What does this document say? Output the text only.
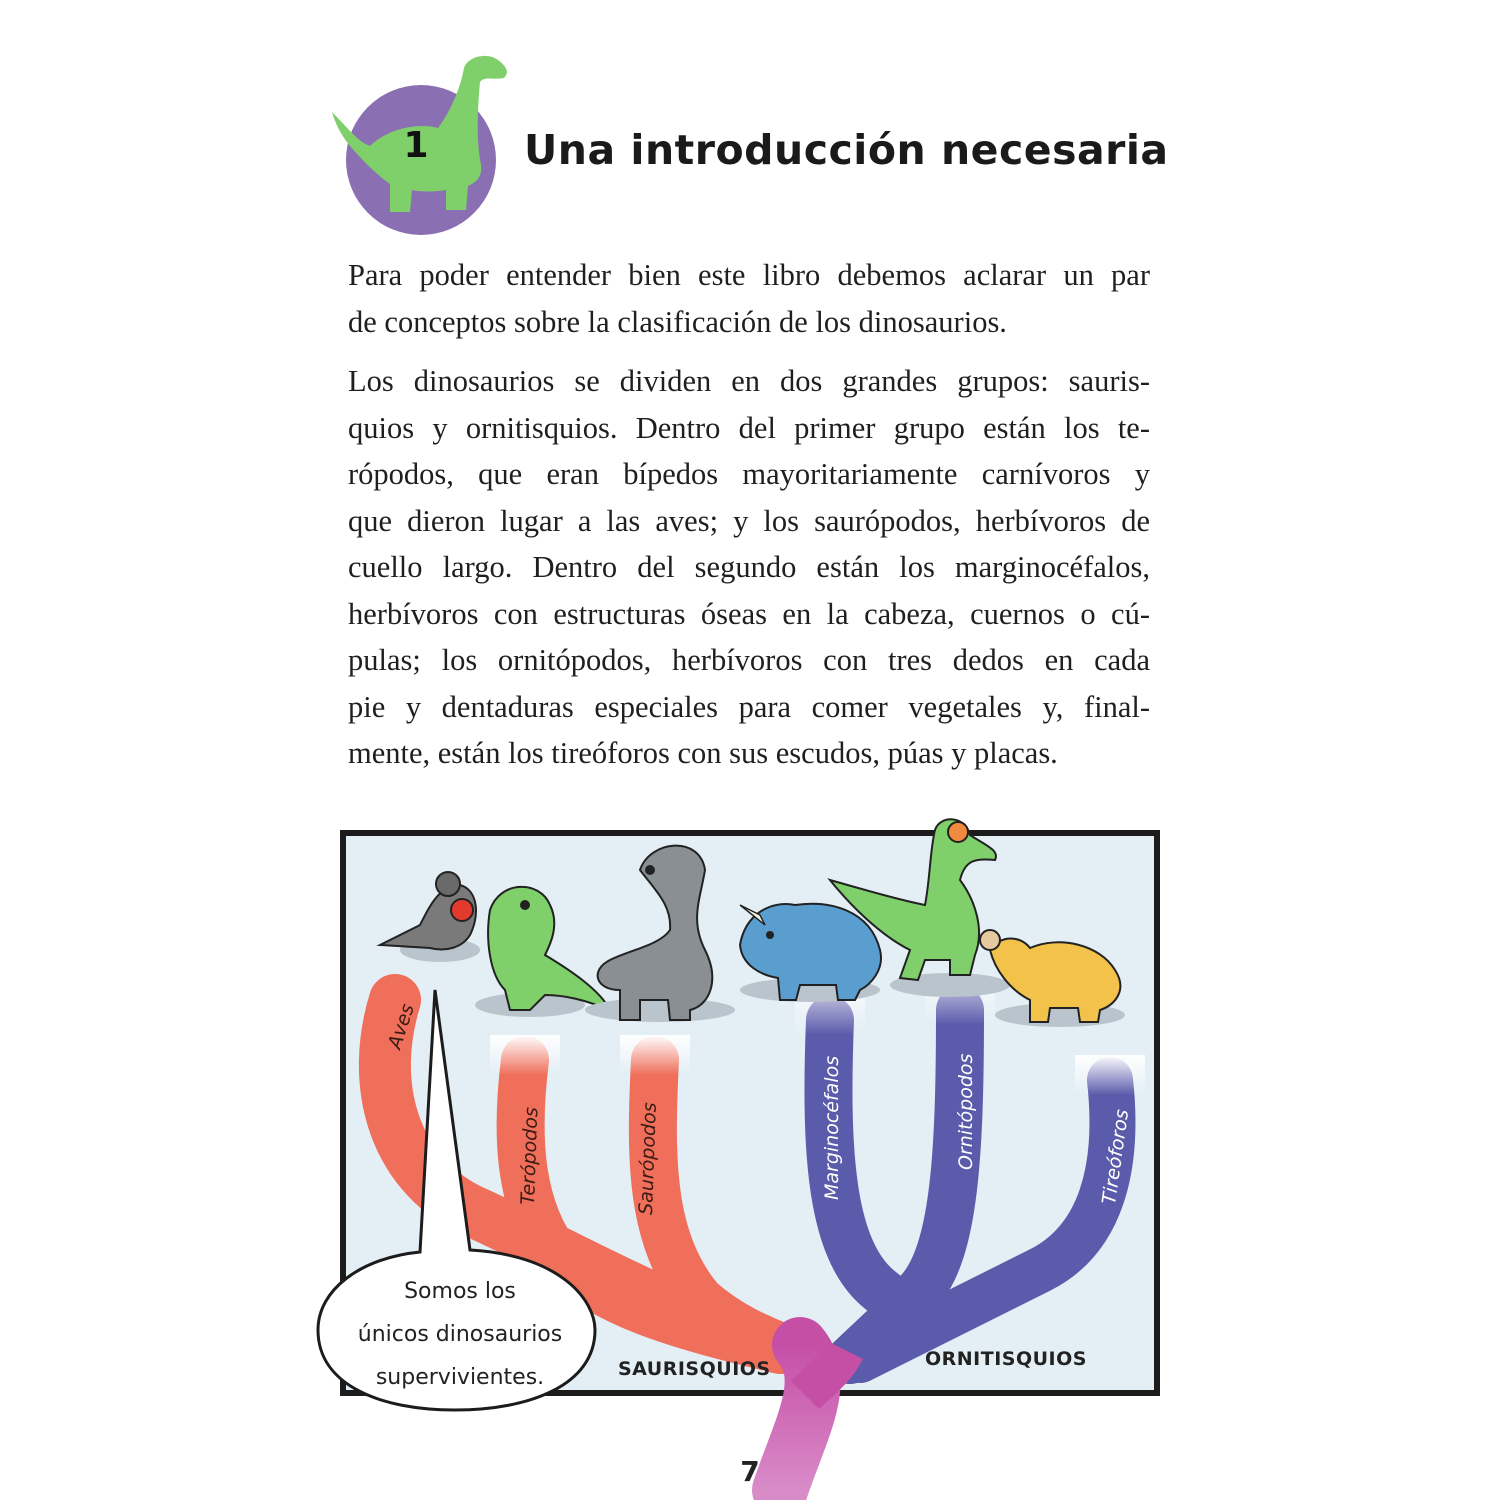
1 Una introducción necesaria

Para poder entender bien este libro debemos aclarar un par
de conceptos sobre la clasificación de los dinosaurios.

Los dinosaurios se dividen en dos grandes grupos: sauris-
quios y ornitisquios. Dentro del primer grupo están los te-
rópodos, que eran bípedos mayoritariamente carnívoros y
que dieron lugar a las aves; y los saurópodos, herbívoros de
cuello largo. Dentro del segundo están los marginocéfalos,
herbívoros con estructuras óseas en la cabeza, cuernos o cú-
pulas; los ornitópodos, herbívoros con tres dedos en cada
pie y dentaduras especiales para comer vegetales y, final-
mente, están los tireóforos con sus escudos, púas y placas.

Aves
Terópodos	Saurópodos	Marginocéfalos	Ornitópodos	Tireóforos
SAURISQUIOS	ORNITISQUIOS
Somos los
únicos dinosaurios
supervivientes.
7
